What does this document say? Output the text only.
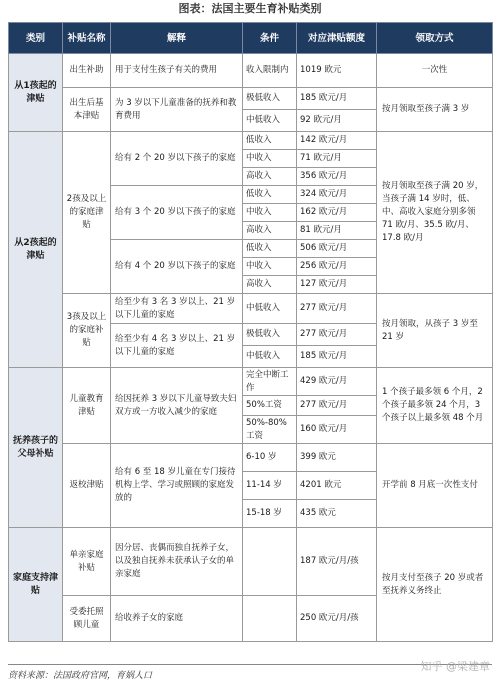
图表：法国主要生育补贴类别
类别	补贴名称	解释	条件	对应津贴额度	领取方式
从1孩起的津贴	出生补助	用于支付生孩子有关的费用	收入限制内	1019 欧元	一次性
	出生后基本津贴	为 3 岁以下儿童准备的抚养和教育费用	极低收入	185 欧元/月	按月领取至孩子满 3 岁
			中低收入	92 欧元/月	
从2孩起的津贴	2孩及以上的家庭津贴	给有 2 个 20 岁以下孩子的家庭	低收入	142 欧元/月	按月领取至孩子满 20 岁，当孩子满 14 岁时，低、中、高收入家庭分别多领 71 欧/月、35.5 欧/月、17.8 欧/月
			中收入	71 欧元/月	
			高收入	356 欧元/月	
		给有 3 个 20 岁以下孩子的家庭	低收入	324 欧元/月	
			中收入	162 欧元/月	
			高收入	81 欧元/月	
		给有 4 个 20 岁以下孩子的家庭	低收入	506 欧元/月	
			中收入	256 欧元/月	
			高收入	127 欧元/月	
	3孩及以上的家庭补贴	给至少有 3 名 3 岁以上、21 岁以下儿童的家庭	中低收入	277 欧元/月	按月领取，从孩子 3 岁至 21 岁
		给至少有 4 名 3 岁以上、21 岁以下儿童的家庭	极低收入	277 欧元/月	
			中低收入	185 欧元/月	
抚养孩子的父母补贴	儿童教育津贴	给因抚养 3 岁以下儿童导致夫妇双方或一方收入减少的家庭	完全中断工作	429 欧元/月	1 个孩子最多领 6 个月，2 个孩子最多领 24 个月，3 个孩子以上最多领 48 个月
			50%工资	277 欧元/月	
			50%-80% 工资	160 欧元/月	
	返校津贴	给有 6 至 18 岁儿童在专门接待机构上学、学习或照顾的家庭发放的	6-10 岁	399 欧元	开学前 8 月底一次性支付
			11-14 岁	4201 欧元	
			15-18 岁	435 欧元	
家庭支持津贴	单亲家庭补贴	因分居、丧偶而独自抚养子女，以及独自抚养未获承认子女的单亲家庭		187 欧元/月/孩	按月支付至孩子 20 岁或者至抚养义务终止
	受委托照顾儿童	给收养子女的家庭		250 欧元/月/孩	
资料来源：法国政府官网，育娲人口
知乎 @梁建章
